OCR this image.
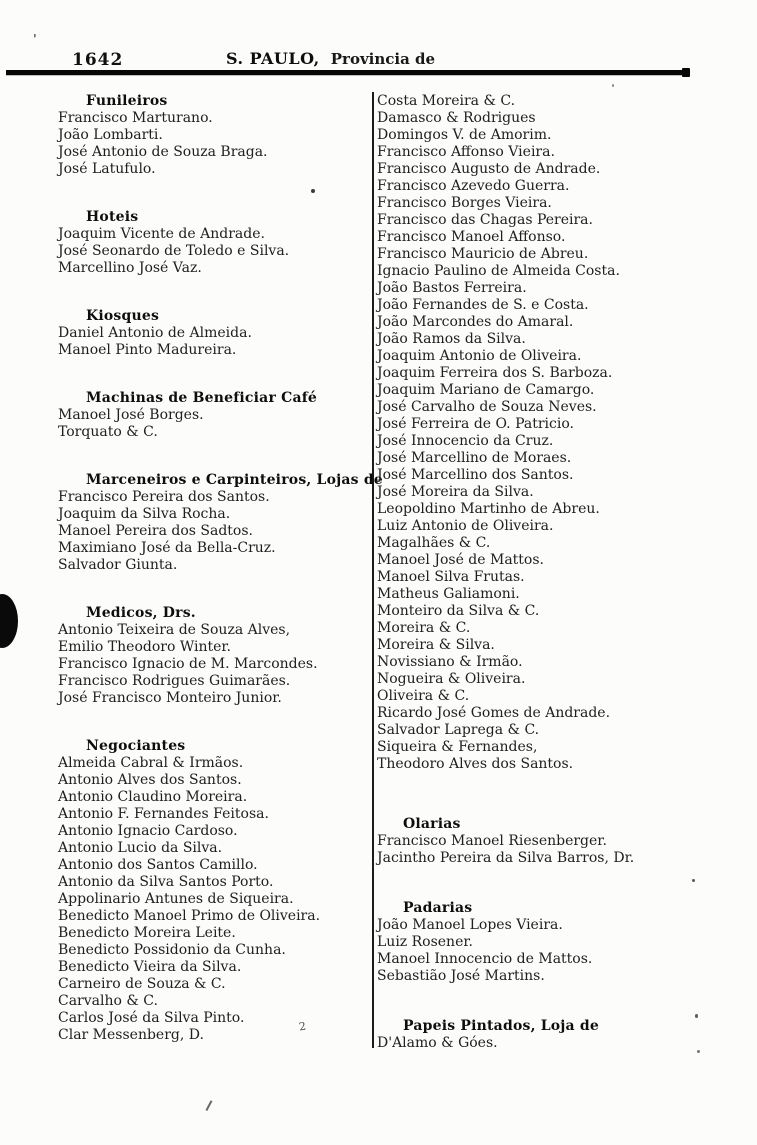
1642	S. PAULO, Provincia de
Funileiros
Francisco Marturano.
João Lombarti.
José Antonio de Souza Braga.
José Latufulo.
Hoteis
Joaquim Vicente de Andrade.
José Seonardo de Toledo e Silva.
Marcellino José Vaz.
Kiosques
Daniel Antonio de Almeida.
Manoel Pinto Madureira.
Machinas de Beneficiar Café
Manoel José Borges.
Torquato & C.
Marceneiros e Carpinteiros, Lojas de
Francisco Pereira dos Santos.
Joaquim da Silva Rocha.
Manoel Pereira dos Sadtos.
Maximiano José da Bella-Cruz.
Salvador Giunta.
Medicos, Drs.
Antonio Teixeira de Souza Alves,
Emilio Theodoro Winter.
Francisco Ignacio de M. Marcondes.
Francisco Rodrigues Guimarães.
José Francisco Monteiro Junior.
Negociantes
Almeida Cabral & Irmãos.
Antonio Alves dos Santos.
Antonio Claudino Moreira.
Antonio F. Fernandes Feitosa.
Antonio Ignacio Cardoso.
Antonio Lucio da Silva.
Antonio dos Santos Camillo.
Antonio da Silva Santos Porto.
Appolinario Antunes de Siqueira.
Benedicto Manoel Primo de Oliveira.
Benedicto Moreira Leite.
Benedicto Possidonio da Cunha.
Benedicto Vieira da Silva.
Carneiro de Souza & C.
Carvalho & C.
Carlos José da Silva Pinto.
Clar Messenberg, D.
Costa Moreira & C.
Damasco & Rodrigues
Domingos V. de Amorim.
Francisco Affonso Vieira.
Francisco Augusto de Andrade.
Francisco Azevedo Guerra.
Francisco Borges Vieira.
Francisco das Chagas Pereira.
Francisco Manoel Affonso.
Francisco Mauricio de Abreu.
Ignacio Paulino de Almeida Costa.
João Bastos Ferreira.
João Fernandes de S. e Costa.
João Marcondes do Amaral.
João Ramos da Silva.
Joaquim Antonio de Oliveira.
Joaquim Ferreira dos S. Barboza.
Joaquim Mariano de Camargo.
José Carvalho de Souza Neves.
José Ferreira de O. Patricio.
José Innocencio da Cruz.
José Marcellino de Moraes.
José Marcellino dos Santos.
José Moreira da Silva.
Leopoldino Martinho de Abreu.
Luiz Antonio de Oliveira.
Magalhães & C.
Manoel José de Mattos.
Manoel Silva Frutas.
Matheus Galiamoni.
Monteiro da Silva & C.
Moreira & C.
Moreira & Silva.
Novissiano & Irmão.
Nogueira & Oliveira.
Oliveira & C.
Ricardo José Gomes de Andrade.
Salvador Laprega & C.
Siqueira & Fernandes,
Theodoro Alves dos Santos.
Olarias
Francisco Manoel Riesenberger.
Jacintho Pereira da Silva Barros, Dr.
Padarias
João Manoel Lopes Vieira.
Luiz Rosener.
Manoel Innocencio de Mattos.
Sebastião José Martins.
Papeis Pintados, Loja de
D'Alamo & Góes.
'
2
